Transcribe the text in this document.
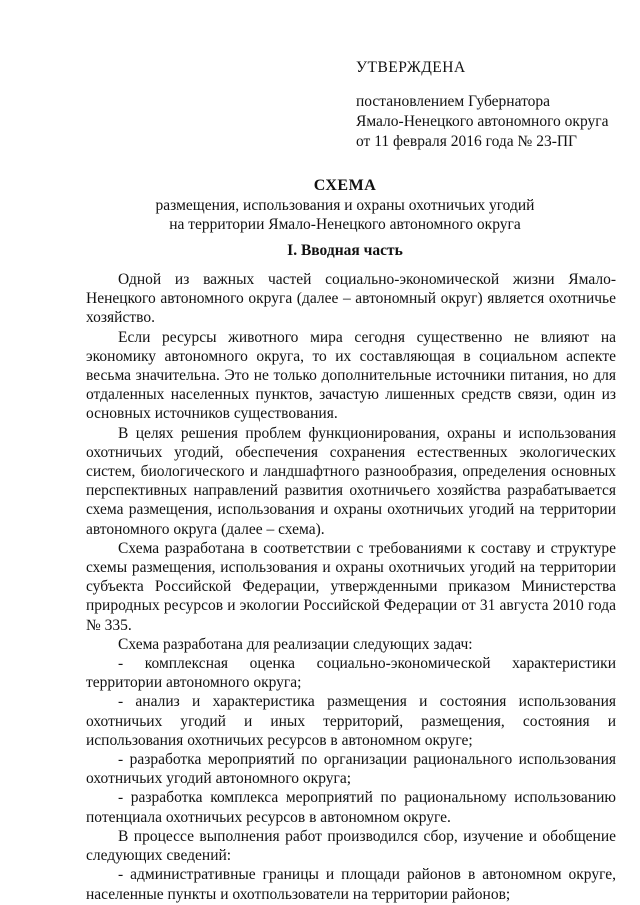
УТВЕРЖДЕНА

постановлением Губернатора

Ямало-Ненецкого автономного округа

от 11 февраля 2016 года № 23-ПГ

СХЕМА

размещения, использования и охраны охотничьих угодий

на территории Ямало-Ненецкого автономного округа

I. Вводная часть

Одной из важных частей социально-экономической жизни Ямало-Ненецкого автономного округа (далее – автономный округ) является охотничье хозяйство.

Если ресурсы животного мира сегодня существенно не влияют на экономику автономного округа, то их составляющая в социальном аспекте весьма значительна. Это не только дополнительные источники питания, но для отдаленных населенных пунктов, зачастую лишенных средств связи, один из основных источников существования.

В целях решения проблем функционирования, охраны и использования охотничьих угодий, обеспечения сохранения естественных экологических систем, биологического и ландшафтного разнообразия, определения основных перспективных направлений развития охотничьего хозяйства разрабатывается схема размещения, использования и охраны охотничьих угодий на территории автономного округа (далее – схема).

Схема разработана в соответствии с требованиями к составу и структуре схемы размещения, использования и охраны охотничьих угодий на территории субъекта Российской Федерации, утвержденными приказом Министерства природных ресурсов и экологии Российской Федерации от 31 августа 2010 года № 335.

Схема разработана для реализации следующих задач:

- комплексная оценка социально-экономической характеристики территории автономного округа;

- анализ и характеристика размещения и состояния использования охотничьих угодий и иных территорий, размещения, состояния и использования охотничьих ресурсов в автономном округе;

- разработка мероприятий по организации рационального использования охотничьих угодий автономного округа;

- разработка комплекса мероприятий по рациональному использованию потенциала охотничьих ресурсов в автономном округе.

В процессе выполнения работ производился сбор, изучение и обобщение следующих сведений:

- административные границы и площади районов в автономном округе, населенные пункты и охотпользователи на территории районов;
